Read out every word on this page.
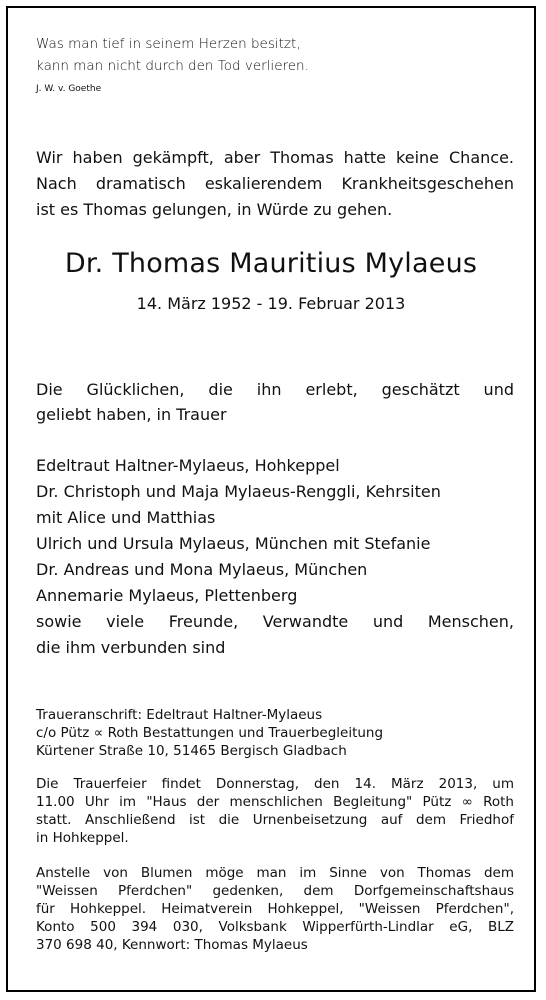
Was man tief in seinem Herzen besitzt,
kann man nicht durch den Tod verlieren.
J. W. v. Goethe
Wir haben gekämpft, aber Thomas hatte keine Chance.
Nach dramatisch eskalierendem Krankheitsgeschehen
ist es Thomas gelungen, in Würde zu gehen.
Dr. Thomas Mauritius Mylaeus
14. März 1952 - 19. Februar 2013
Die Glücklichen, die ihn erlebt, geschätzt und
geliebt haben, in Trauer
Edeltraut Haltner-Mylaeus, Hohkeppel
Dr. Christoph und Maja Mylaeus-Renggli, Kehrsiten
mit Alice und Matthias
Ulrich und Ursula Mylaeus, München mit Stefanie
Dr. Andreas und Mona Mylaeus, München
Annemarie Mylaeus, Plettenberg
sowie viele Freunde, Verwandte und Menschen,
die ihm verbunden sind
Traueranschrift: Edeltraut Haltner-Mylaeus
c/o Pütz ∝ Roth Bestattungen und Trauerbegleitung
Kürtener Straße 10, 51465 Bergisch Gladbach
Die Trauerfeier findet Donnerstag, den 14. März 2013, um
11.00 Uhr im "Haus der menschlichen Begleitung" Pütz ∞ Roth
statt. Anschließend ist die Urnenbeisetzung auf dem Friedhof
in Hohkeppel.
Anstelle von Blumen möge man im Sinne von Thomas dem
"Weissen Pferdchen" gedenken, dem Dorfgemeinschaftshaus
für Hohkeppel. Heimatverein Hohkeppel, "Weissen Pferdchen",
Konto 500 394 030, Volksbank Wipperfürth-Lindlar eG, BLZ
370 698 40, Kennwort: Thomas Mylaeus
